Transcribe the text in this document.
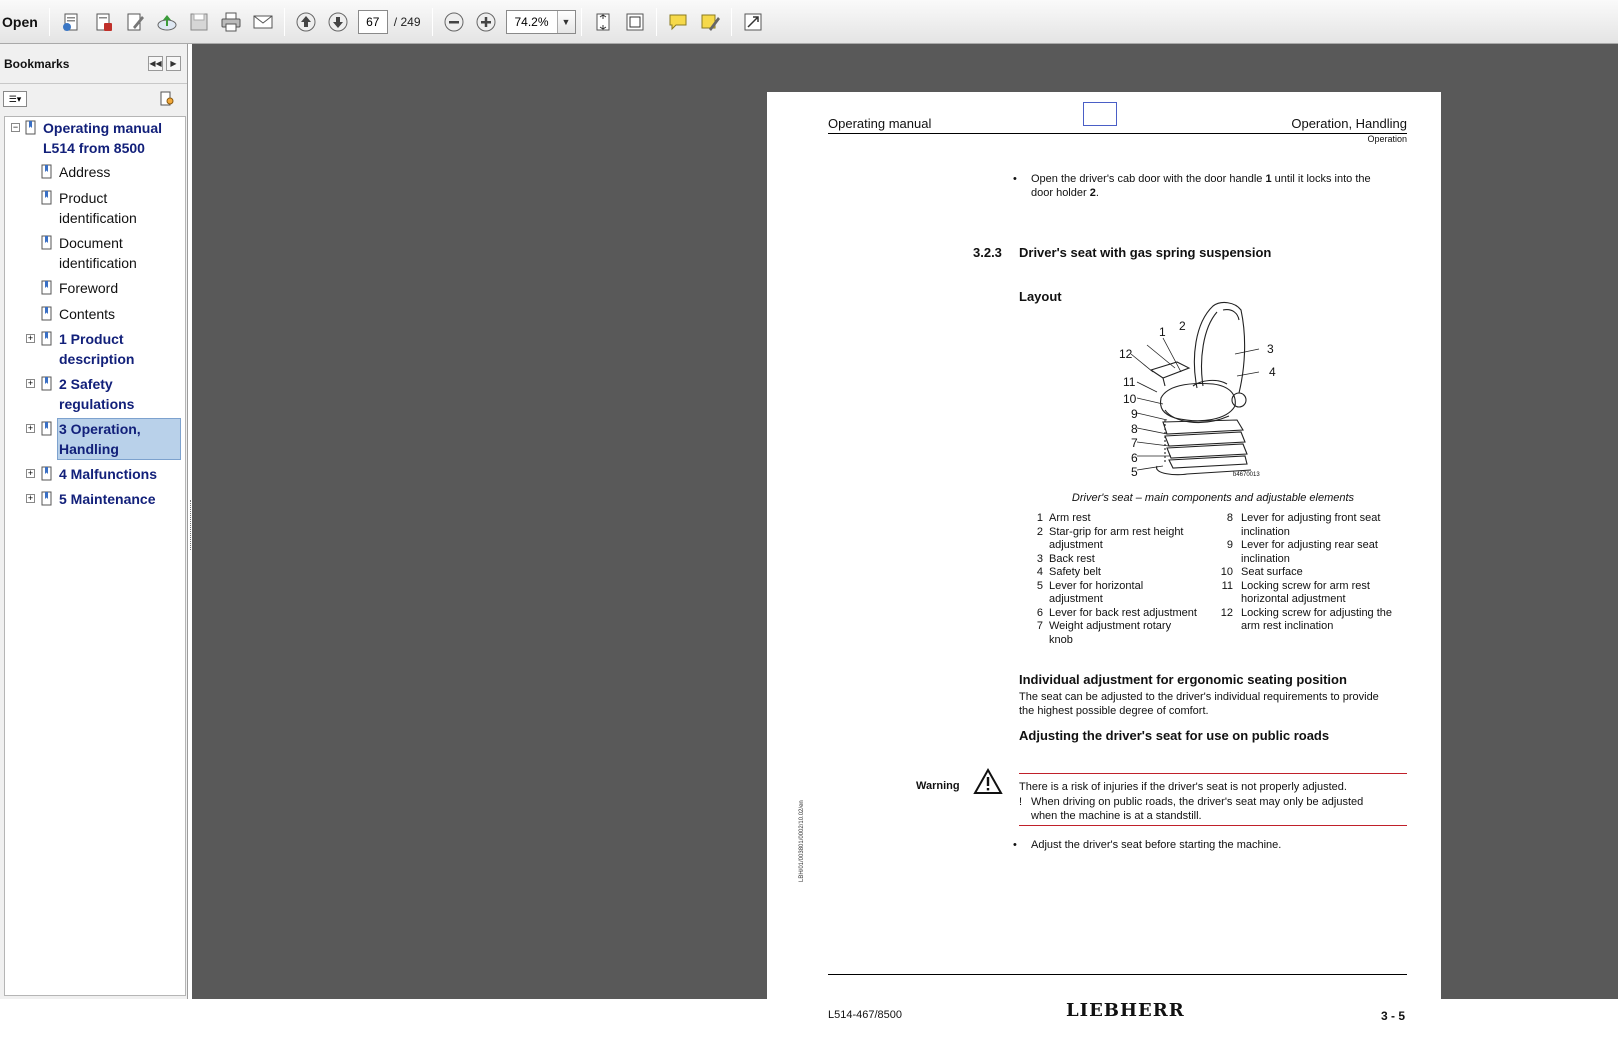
Open	67	/ 249	74.2%	▼
Bookmarks	◀◀	▶
☰▾
− Operating manual
L514 from 8500
Address
Product
identification
Document
identification
Foreword
Contents
+ 1 Product
description
+ 2 Safety
regulations
+ 3 Operation,
Handling
+ 4 Malfunctions
+ 5 Maintenance
Operating manual	Operation, Handling
Operation
• Open the driver's cab door with the door handle 1 until it locks into the
door holder 2.
3.2.3 Driver's seat with gas spring suspension
Layout
1 2
3
4
5
6
7
8
9
10
11
12
b4670013
Driver's seat – main components and adjustable elements
1 Arm rest
2 Star-grip for arm rest height
adjustment
3 Back rest
4 Safety belt
5 Lever for horizontal
adjustment
6 Lever for back rest adjustment
7 Weight adjustment rotary
knob
8 Lever for adjusting front seat
inclination
9 Lever for adjusting rear seat
inclination
10 Seat surface
11 Locking screw for arm rest
horizontal adjustment
12 Locking screw for adjusting the
arm rest inclination
Individual adjustment for ergonomic seating position
The seat can be adjusted to the driver's individual requirements to provide
the highest possible degree of comfort.
Adjusting the driver's seat for use on public roads
Warning	There is a risk of injuries if the driver's seat is not properly adjusted.
! When driving on public roads, the driver's seat may only be adjusted
when the machine is at a standstill.
• Adjust the driver's seat before starting the machine.
LBH/01/003801/0002/10.02/en
L514-467/8500	LIEBHERR	3 - 5
